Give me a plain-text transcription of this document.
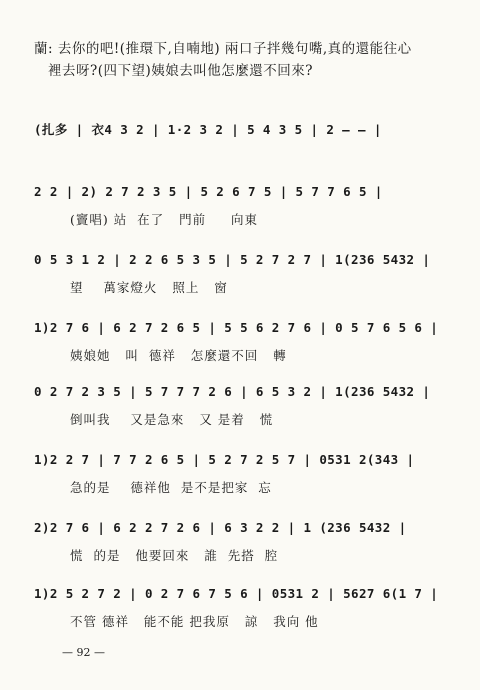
蘭: 去你的吧!(推環下,自喃地) 兩口子拌幾句嘴,真的還能往心
裡去呀?(四下望)姨娘去叫他怎麼還不回來?
(扎多 | 衣4 3 2 | 1·2 3 2 | 5 4 3 5 | 2 — — |
2 2 | 2) 2 7 2 3 5 | 5 2 6 7 5 | 5 7 7 6 5 |
(竇唱) 站  在了   門前     向東
0 5 3 1 2 | 2 2 6 5 3 5 | 5 2 7 2 7 | 1(236 5432 |
望    萬家燈火   照上   窗
1)2 7 6 | 6 2 7 2 6 5 | 5 5 6 2 7 6 | 0 5 7 6 5 6 |
姨娘她   叫  德祥   怎麼還不回   轉
0 2 7 2 3 5 | 5 7 7 7 2 6 | 6 5 3 2 | 1(236 5432 |
倒叫我    又是急來   又 是着   慌
1)2 2 7 | 7 7 2 6 5 | 5 2 7 2 5 7 | 0531 2(343 |
急的是    德祥他  是不是把家  忘
2)2 7 6 | 6 2 2 7 2 6 | 6 3 2 2 | 1 (236 5432 |
慌  的是   他要回來   誰  先搭  腔
1)2 5 2 7 2 | 0 2 7 6 7 5 6 | 0531 2 | 5627 6(1 7 |
不管 德祥   能不能 把我原   諒   我向 他
— 92 —
